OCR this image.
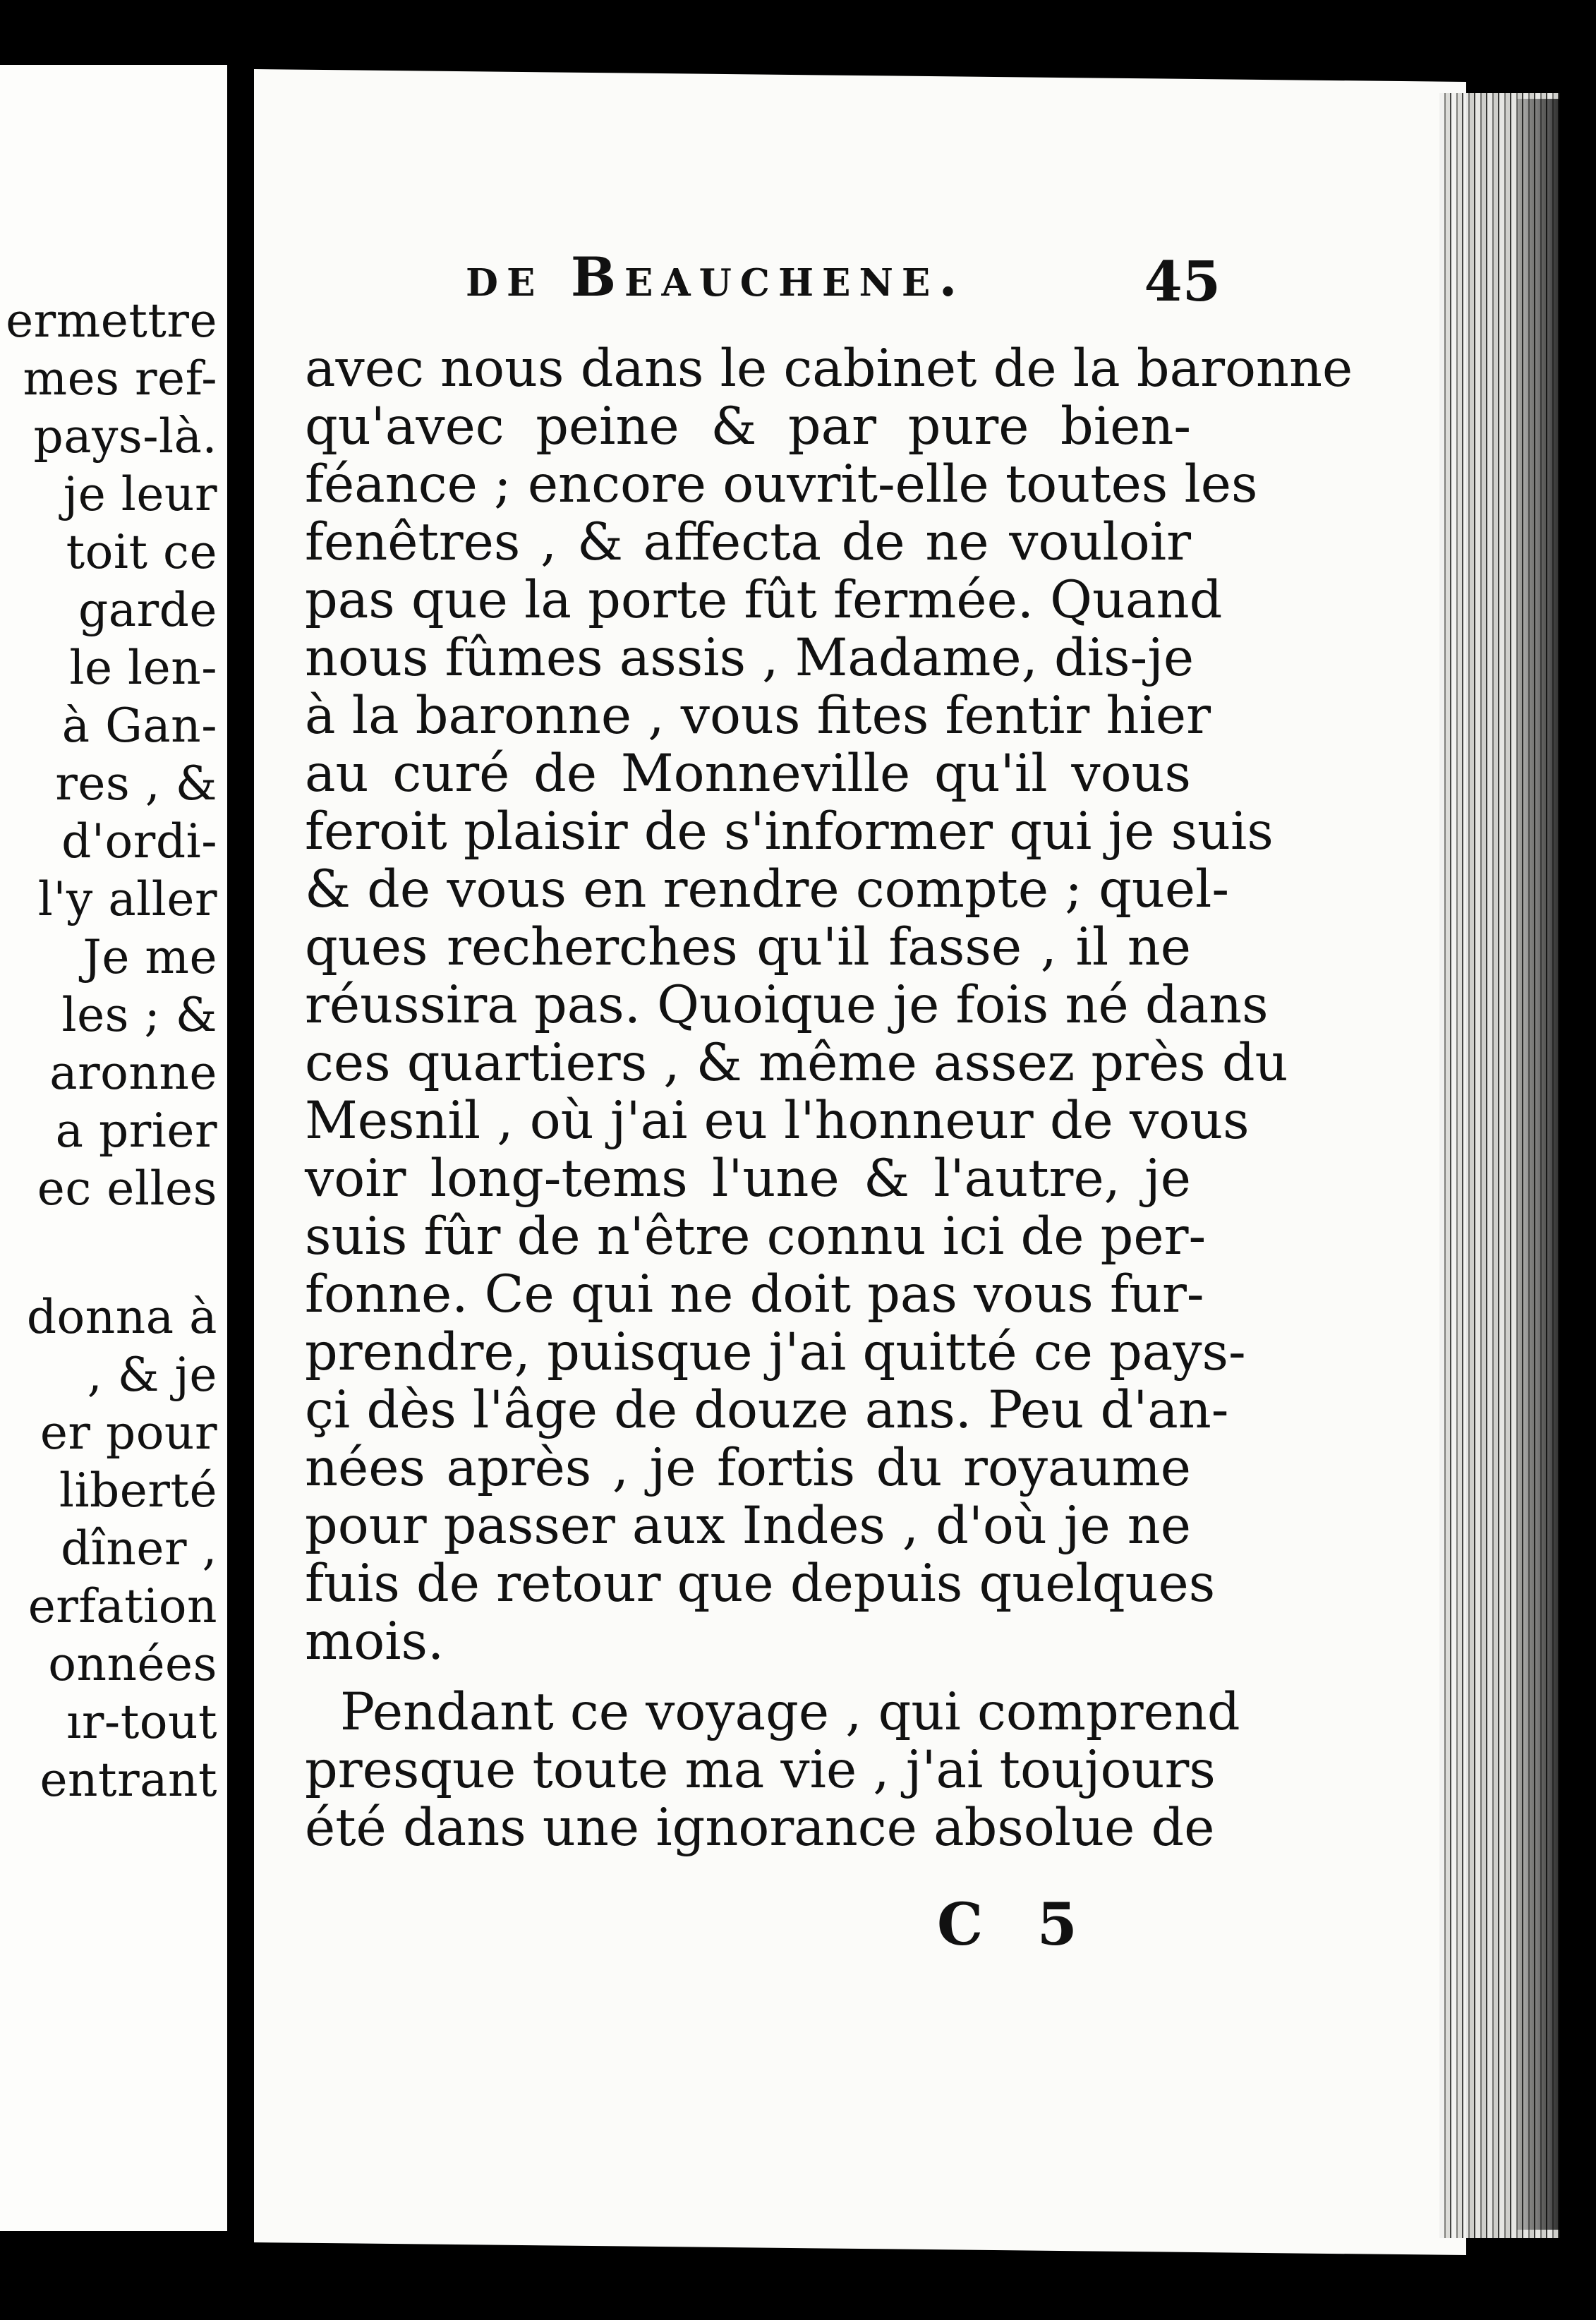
ermettre
mes ref-
pays-là.
je leur
toit ce
garde
le len-
à Gan-
res , &
d'ordi-
l'y aller
Je me
les ; &
aronne
a prier
ec elles
donna à
, & je
er pour
liberté
dîner ,
erfation
onnées
ır-tout
entrant
de Beauchene.	45
avec nous dans le cabinet de la baronne
qu'avec peine & par pure bien-
féance ; encore ouvrit-elle toutes les
fenêtres , & affecta de ne vouloir
pas que la porte fût fermée. Quand
nous fûmes assis , Madame, dis-je
à la baronne , vous fites fentir hier
au curé de Monneville qu'il vous
feroit plaisir de s'informer qui je suis
& de vous en rendre compte ; quel-
ques recherches qu'il fasse , il ne
réussira pas. Quoique je fois né dans
ces quartiers , & même assez près du
Mesnil , où j'ai eu l'honneur de vous
voir long-tems l'une & l'autre, je
suis fûr de n'être connu ici de per-
fonne. Ce qui ne doit pas vous fur-
prendre, puisque j'ai quitté ce pays-
çi dès l'âge de douze ans. Peu d'an-
nées après , je fortis du royaume
pour passer aux Indes , d'où je ne
fuis de retour que depuis quelques
mois.
Pendant ce voyage , qui comprend
presque toute ma vie , j'ai toujours
été dans une ignorance absolue de
C 5
